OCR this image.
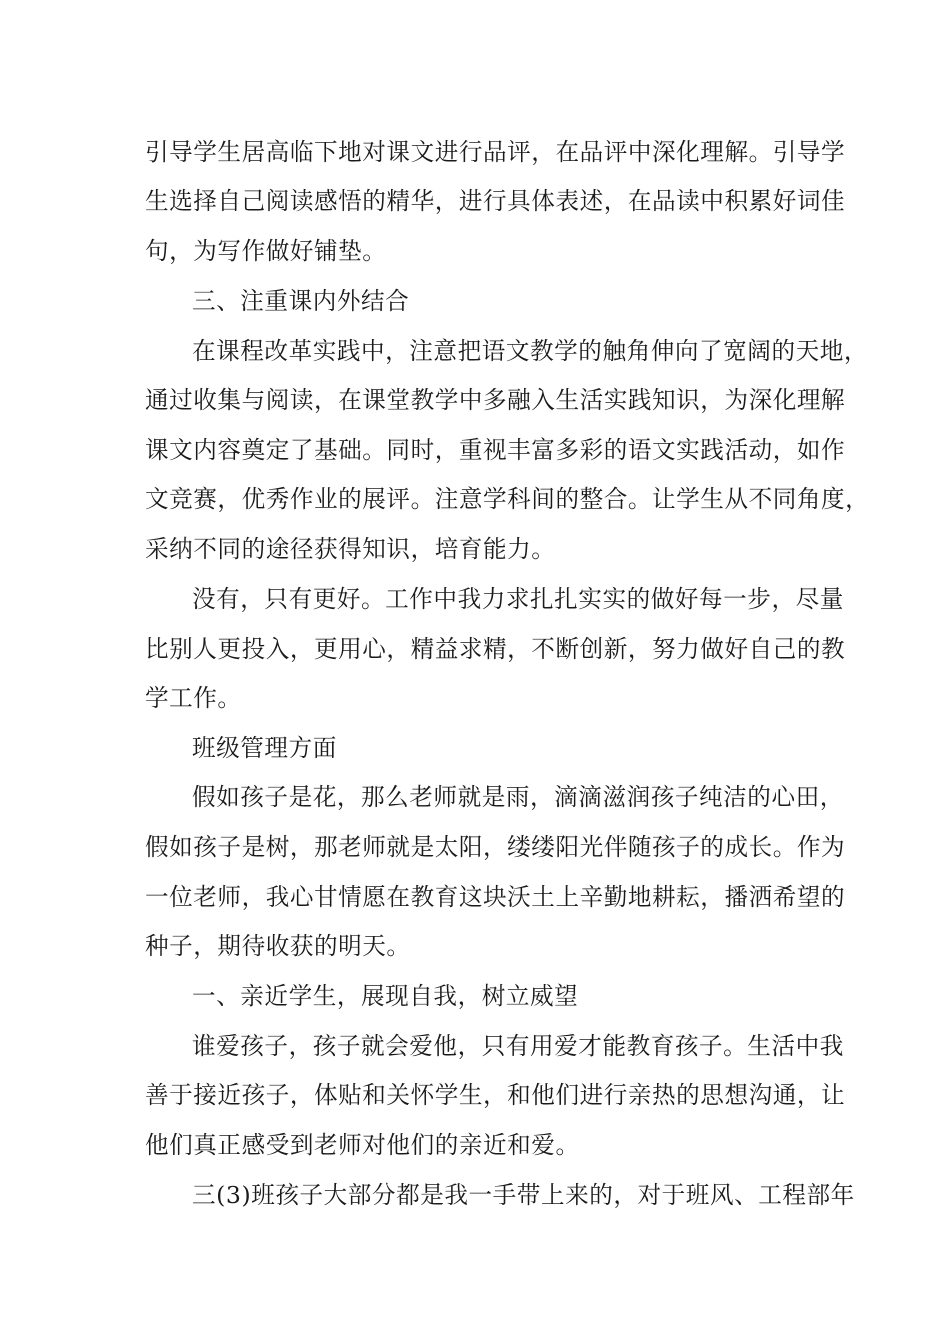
引导学生居高临下地对课文进行品评，在品评中深化理解。引导学
生选择自己阅读感悟的精华，进行具体表述，在品读中积累好词佳
句，为写作做好铺垫。
三、注重课内外结合
在课程改革实践中，注意把语文教学的触角伸向了宽阔的天地，
通过收集与阅读，在课堂教学中多融入生活实践知识，为深化理解
课文内容奠定了基础。同时，重视丰富多彩的语文实践活动，如作
文竞赛，优秀作业的展评。注意学科间的整合。让学生从不同角度，
采纳不同的途径获得知识，培育能力。
没有，只有更好。工作中我力求扎扎实实的做好每一步，尽量
比别人更投入，更用心，精益求精，不断创新，努力做好自己的教
学工作。
班级管理方面
假如孩子是花，那么老师就是雨，滴滴滋润孩子纯洁的心田，
假如孩子是树，那老师就是太阳，缕缕阳光伴随孩子的成长。作为
一位老师，我心甘情愿在教育这块沃土上辛勤地耕耘，播洒希望的
种子，期待收获的明天。
一、亲近学生，展现自我，树立威望
谁爱孩子，孩子就会爱他，只有用爱才能教育孩子。生活中我
善于接近孩子，体贴和关怀学生，和他们进行亲热的思想沟通，让
他们真正感受到老师对他们的亲近和爱。
三(3)班孩子大部分都是我一手带上来的，对于班风、工程部年
